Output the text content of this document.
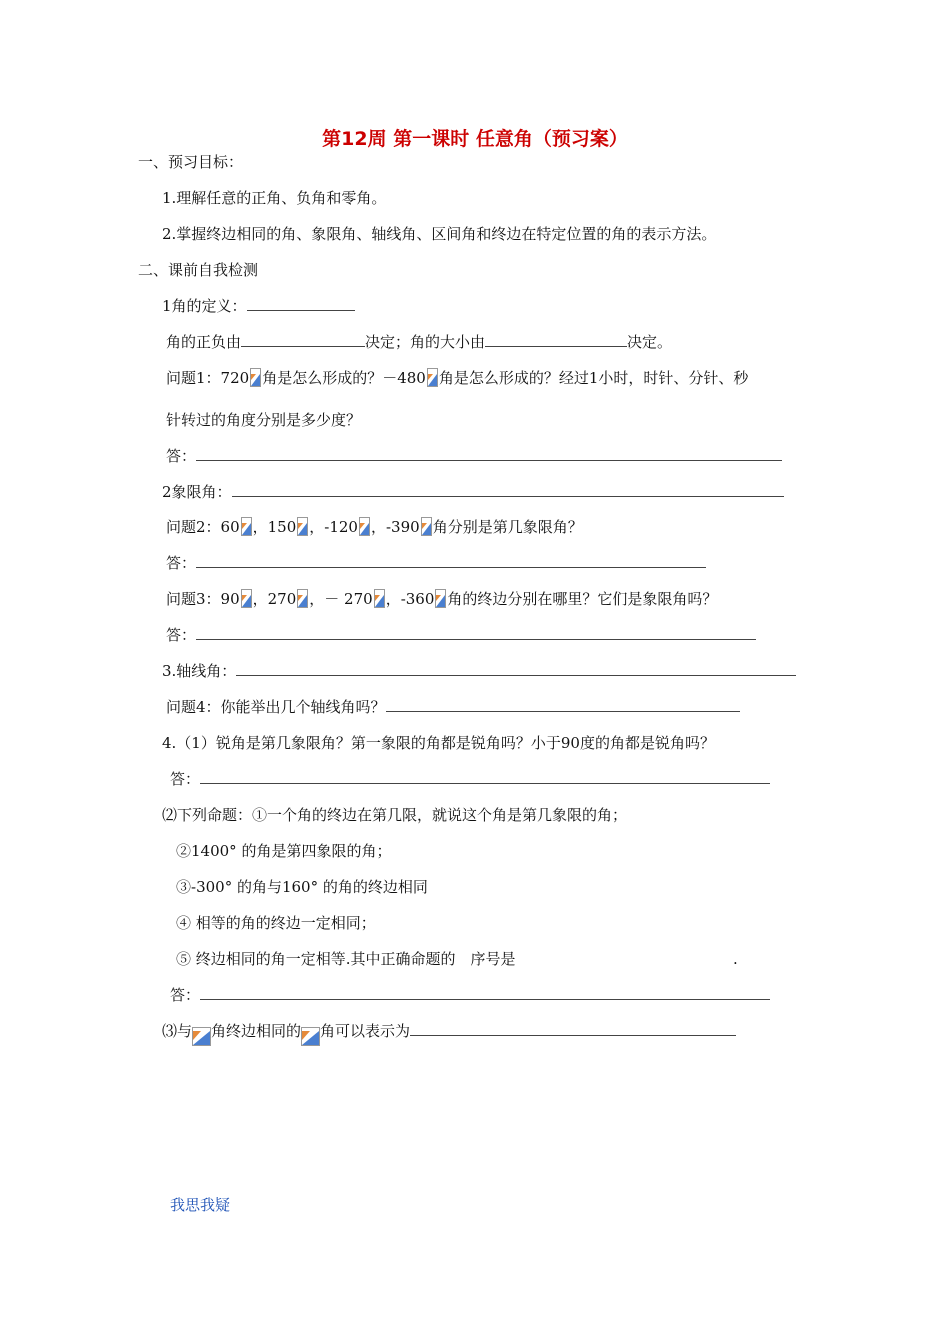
第12周 第一课时 任意角（预习案）
一、预习目标：
1.理解任意的正角、负角和零角。
2.掌握终边相同的角、象限角、轴线角、区间角和终边在特定位置的角的表示方法。
二、课前自我检测
1角的定义：
角的正负由	决定；角的大小由	决定。
问题1：720 角是怎么形成的？－480 角是怎么形成的？经过1小时，时针、分针、秒
针转过的角度分别是多少度？
答：
2象限角：
问题2：60 ，150 ，-120 ，-390 角分别是第几象限角？
答：
问题3：90 ，270 ，－ 270 ，-360 角的终边分别在哪里？它们是象限角吗？
答：
3.轴线角：
问题4：你能举出几个轴线角吗？
4.（1）锐角是第几象限角？第一象限的角都是锐角吗？小于90度的角都是锐角吗？
答：
⑵下列命题：①一个角的终边在第几限，就说这个角是第几象限的角；
②1400° 的角是第四象限的角；
③-300° 的角与160° 的角的终边相同
④ 相等的角的终边一定相同；
⑤ 终边相同的角一定相等.其中正确命题的　序号是	.
答：
⑶与 角终边相同的 角可以表示为
我思我疑
